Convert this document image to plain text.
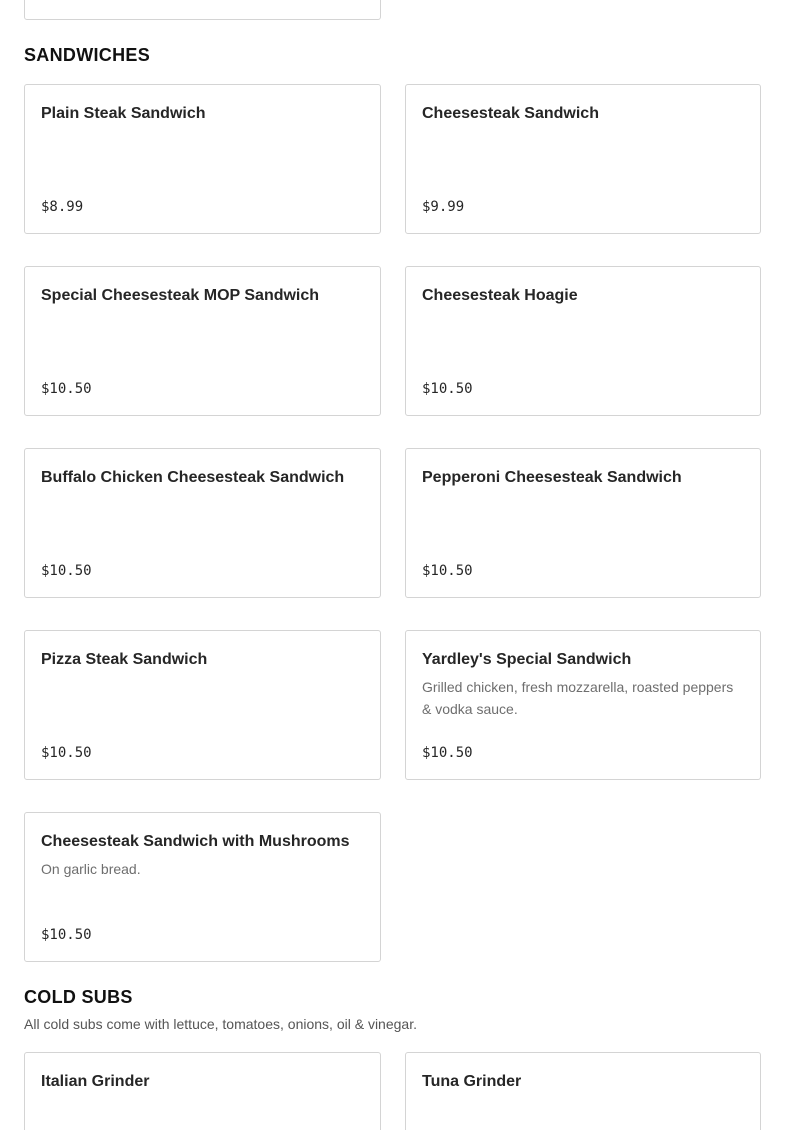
SANDWICHES
Plain Steak Sandwich
$8.99
Cheesesteak Sandwich
$9.99
Special Cheesesteak MOP Sandwich
$10.50
Cheesesteak Hoagie
$10.50
Buffalo Chicken Cheesesteak Sandwich
$10.50
Pepperoni Cheesesteak Sandwich
$10.50
Pizza Steak Sandwich
$10.50
Yardley's Special Sandwich
Grilled chicken, fresh mozzarella, roasted peppers & vodka sauce.
$10.50
Cheesesteak Sandwich with Mushrooms
On garlic bread.
$10.50
COLD SUBS
All cold subs come with lettuce, tomatoes, onions, oil & vinegar.
Italian Grinder	Tuna Grinder
